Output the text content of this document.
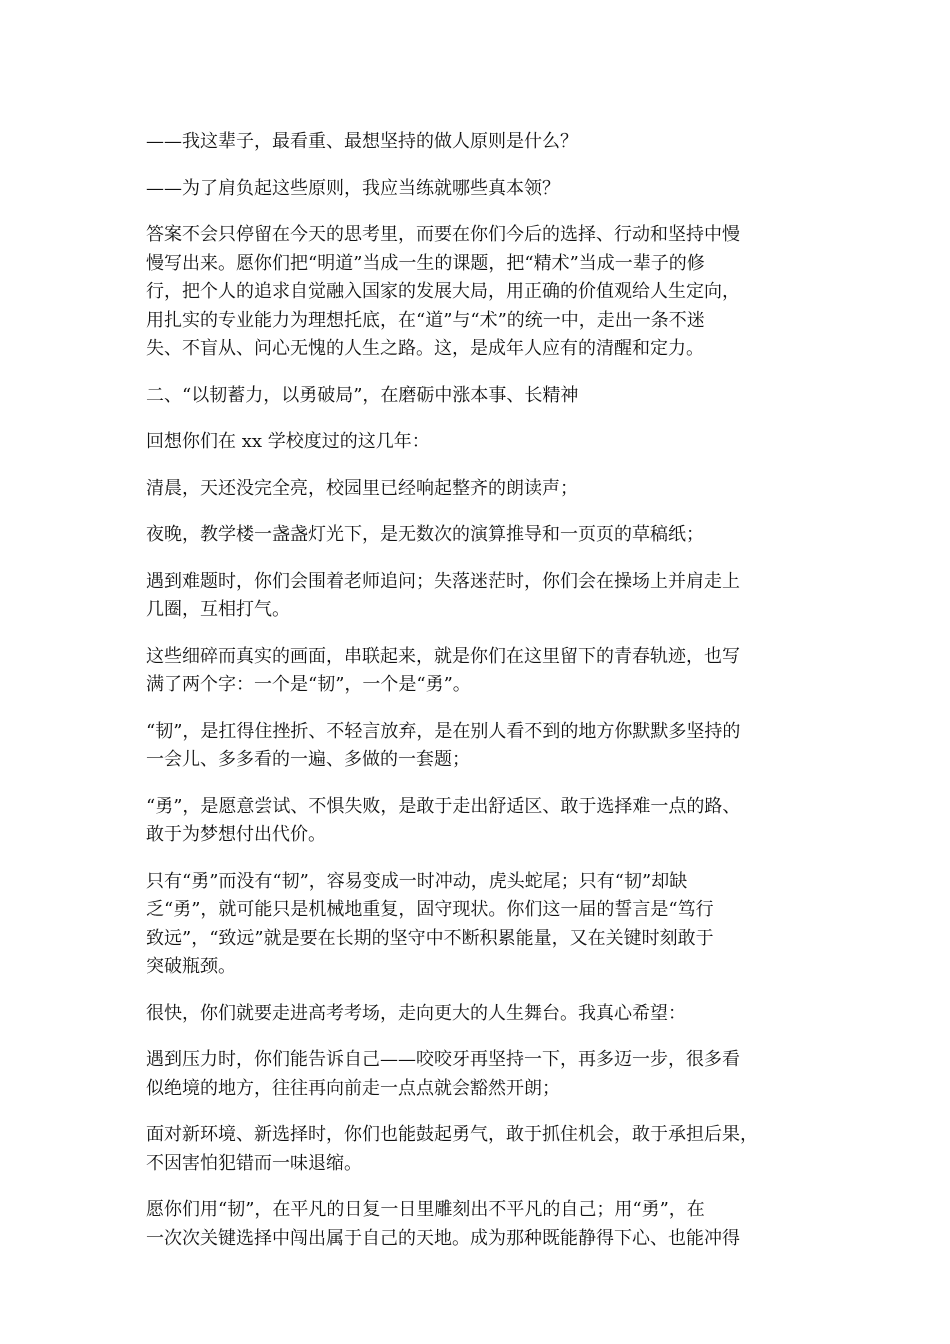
——我这辈子，最看重、最想坚持的做人原则是什么？

——为了肩负起这些原则，我应当练就哪些真本领？

答案不会只停留在今天的思考里，而要在你们今后的选择、行动和坚持中慢
慢写出来。愿你们把“明道”当成一生的课题，把“精术”当成一辈子的修
行，把个人的追求自觉融入国家的发展大局，用正确的价值观给人生定向，
用扎实的专业能力为理想托底，在“道”与“术”的统一中，走出一条不迷
失、不盲从、问心无愧的人生之路。这，是成年人应有的清醒和定力。

二、“以韧蓄力，以勇破局”，在磨砺中涨本事、长精神

回想你们在 xx 学校度过的这几年：

清晨，天还没完全亮，校园里已经响起整齐的朗读声；

夜晚，教学楼一盏盏灯光下，是无数次的演算推导和一页页的草稿纸；

遇到难题时，你们会围着老师追问；失落迷茫时，你们会在操场上并肩走上
几圈，互相打气。

这些细碎而真实的画面，串联起来，就是你们在这里留下的青春轨迹，也写
满了两个字：一个是“韧”，一个是“勇”。

“韧”，是扛得住挫折、不轻言放弃，是在别人看不到的地方你默默多坚持的
一会儿、多多看的一遍、多做的一套题；

“勇”，是愿意尝试、不惧失败，是敢于走出舒适区、敢于选择难一点的路、
敢于为梦想付出代价。

只有“勇”而没有“韧”，容易变成一时冲动，虎头蛇尾；只有“韧”却缺
乏“勇”，就可能只是机械地重复，固守现状。你们这一届的誓言是“笃行
致远”，“致远”就是要在长期的坚守中不断积累能量，又在关键时刻敢于
突破瓶颈。

很快，你们就要走进高考考场，走向更大的人生舞台。我真心希望：

遇到压力时，你们能告诉自己——咬咬牙再坚持一下，再多迈一步，很多看
似绝境的地方，往往再向前走一点点就会豁然开朗；

面对新环境、新选择时，你们也能鼓起勇气，敢于抓住机会，敢于承担后果，
不因害怕犯错而一味退缩。

愿你们用“韧”，在平凡的日复一日里雕刻出不平凡的自己；用“勇”，在
一次次关键选择中闯出属于自己的天地。成为那种既能静得下心、也能冲得
